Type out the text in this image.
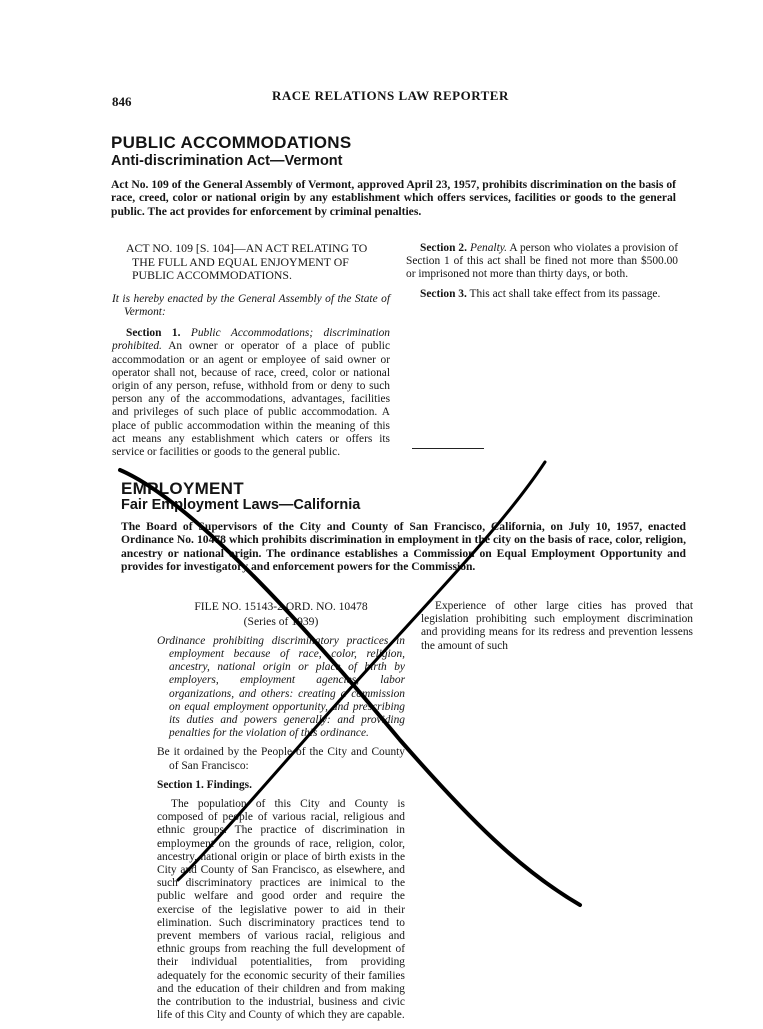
846	RACE RELATIONS LAW REPORTER
PUBLIC ACCOMMODATIONS
Anti-discrimination Act—Vermont

Act No. 109 of the General Assembly of Vermont, approved April 23, 1957, prohibits discrimination on the basis of race, creed, color or national origin by any establishment which offers services, facilities or goods to the general public. The act provides for enforcement by criminal penalties.

ACT NO. 109 [S. 104]—AN ACT RELATING TO THE FULL AND EQUAL ENJOYMENT OF PUBLIC ACCOMMODATIONS.

It is hereby enacted by the General Assembly of the State of Vermont:

Section 1. Public Accommodations; discrimination prohibited. An owner or operator of a place of public accommodation or an agent or employee of said owner or operator shall not, because of race, creed, color or national origin of any person, refuse, withhold from or deny to such person any of the accommodations, advantages, facilities and privileges of such place of public accommodation. A place of public accommodation within the meaning of this act means any establishment which caters or offers its service or facilities or goods to the general public.

Section 2. Penalty. A person who violates a provision of Section 1 of this act shall be fined not more than $500.00 or imprisoned not more than thirty days, or both.

Section 3. This act shall take effect from its passage.

EMPLOYMENT
Fair Employment Laws—California

The Board of Supervisors of the City and County of San Francisco, California, on July 10, 1957, enacted Ordinance No. 10478 which prohibits discrimination in employment in the city on the basis of race, color, religion, ancestry or national origin. The ordinance establishes a Commission on Equal Employment Opportunity and provides for investigatory and enforcement powers for the Commission.

FILE NO. 15143-2 ORD. NO. 10478

(Series of 1939)

Ordinance prohibiting discriminatory practices in employment because of race, color, religion, ancestry, national origin or place of birth by employers, employment agencies, labor organizations, and others: creating a commission on equal employment opportunity, and prescribing its duties and powers generally: and providing penalties for the violation of this ordinance.

Be it ordained by the People of the City and County of San Francisco:

Section 1. Findings.

The population of this City and County is composed of people of various racial, religious and ethnic groups. The practice of discrimination in employment on the grounds of race, religion, color, ancestry, national origin or place of birth exists in the City and County of San Francisco, as elsewhere, and such discriminatory practices are inimical to the public welfare and good order and require the exercise of the legislative power to aid in their elimination. Such discriminatory practices tend to prevent members of various racial, religious and ethnic groups from reaching the full development of their individual potentialities, from providing adequately for the economic security of their families and the education of their children and from making the contribution to the industrial, business and civic life of this City and County of which they are capable.

Experience of other large cities has proved that legislation prohibiting such employment discrimination and providing means for its redress and prevention lessens the amount of such
